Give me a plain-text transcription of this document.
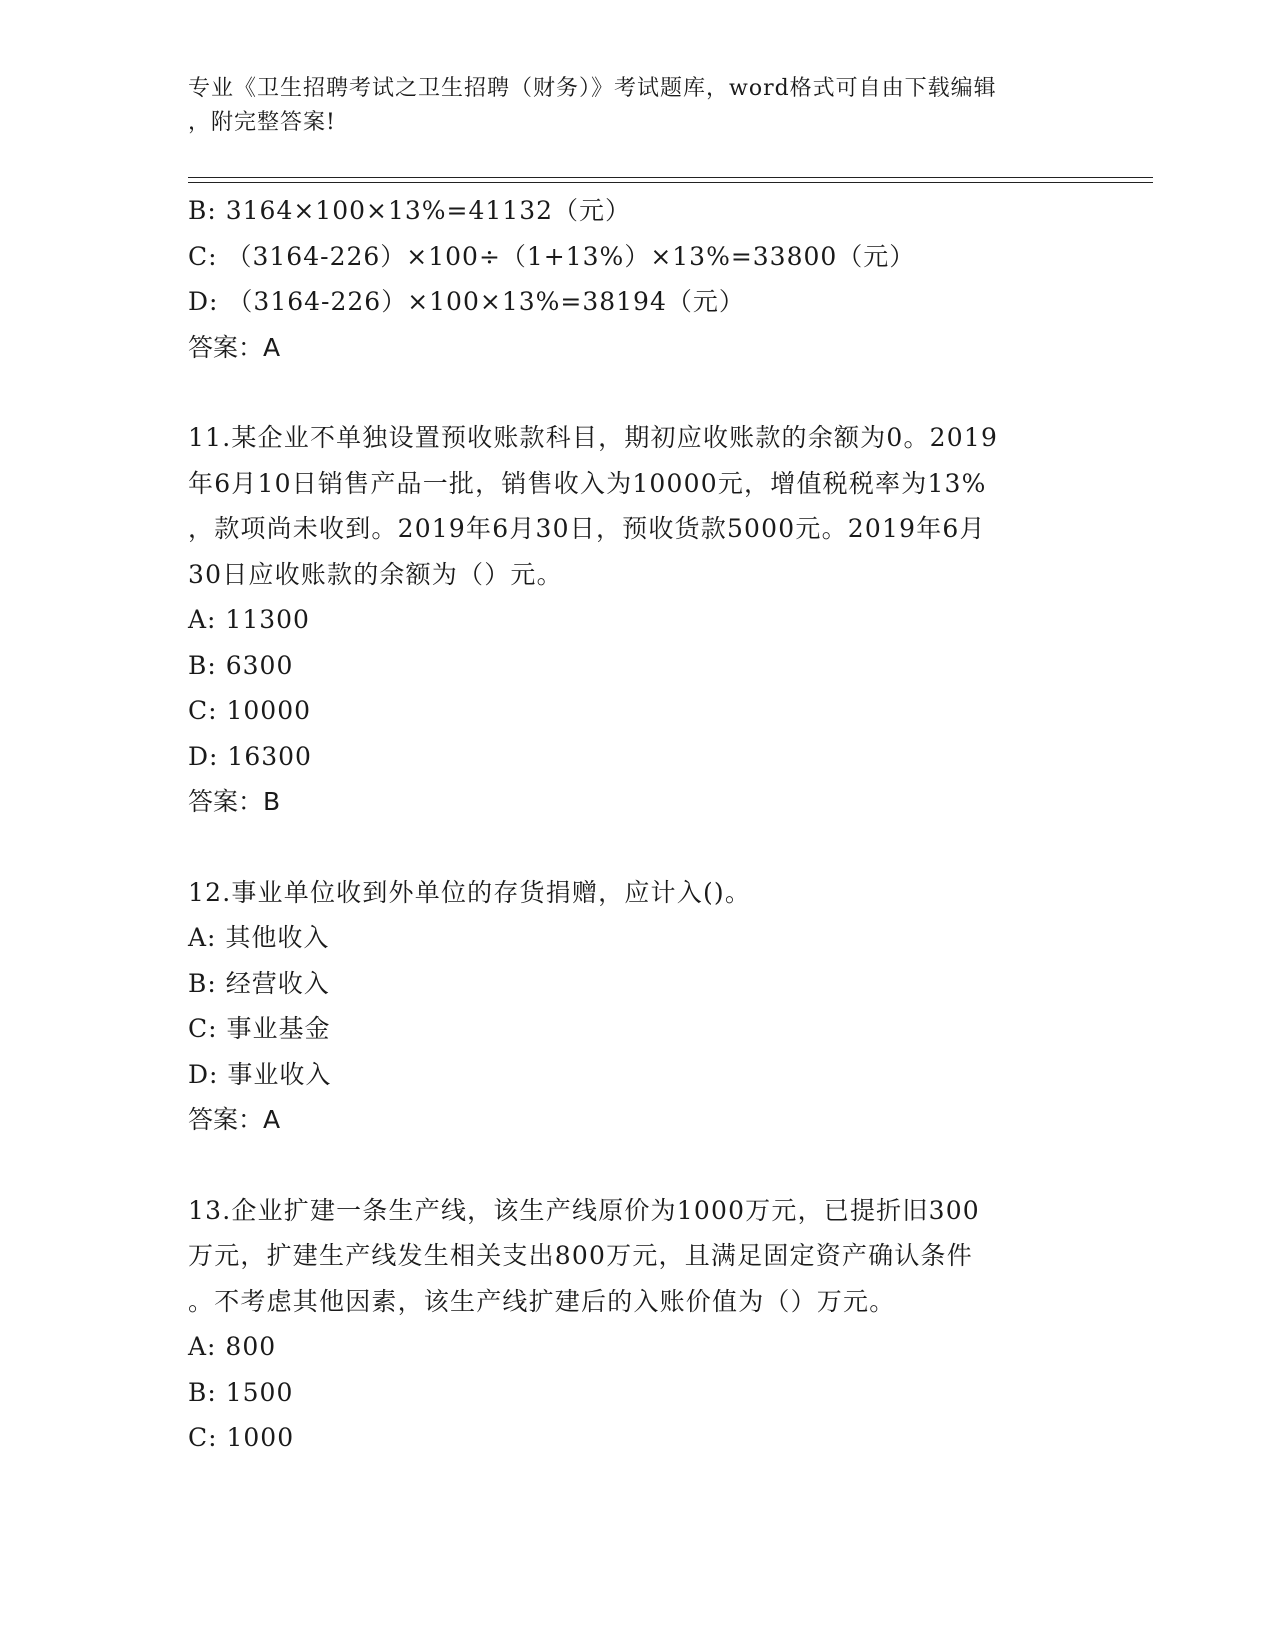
专业《卫生招聘考试之卫生招聘（财务）》考试题库，word格式可自由下载编辑
，附完整答案!
B: 3164×100×13%=41132（元）
C: （3164-226）×100÷（1+13%）×13%=33800（元）
D: （3164-226）×100×13%=38194（元）
答案：A
11.某企业不单独设置预收账款科目，期初应收账款的余额为0。2019
年6月10日销售产品一批，销售收入为10000元，增值税税率为13%
，款项尚未收到。2019年6月30日，预收货款5000元。2019年6月
30日应收账款的余额为（）元。
A: 11300
B: 6300
C: 10000
D: 16300
答案：B
12.事业单位收到外单位的存货捐赠，应计入()。
A: 其他收入
B: 经营收入
C: 事业基金
D: 事业收入
答案：A
13.企业扩建一条生产线，该生产线原价为1000万元，已提折旧300
万元，扩建生产线发生相关支出800万元，且满足固定资产确认条件
。不考虑其他因素，该生产线扩建后的入账价值为（）万元。
A: 800
B: 1500
C: 1000
